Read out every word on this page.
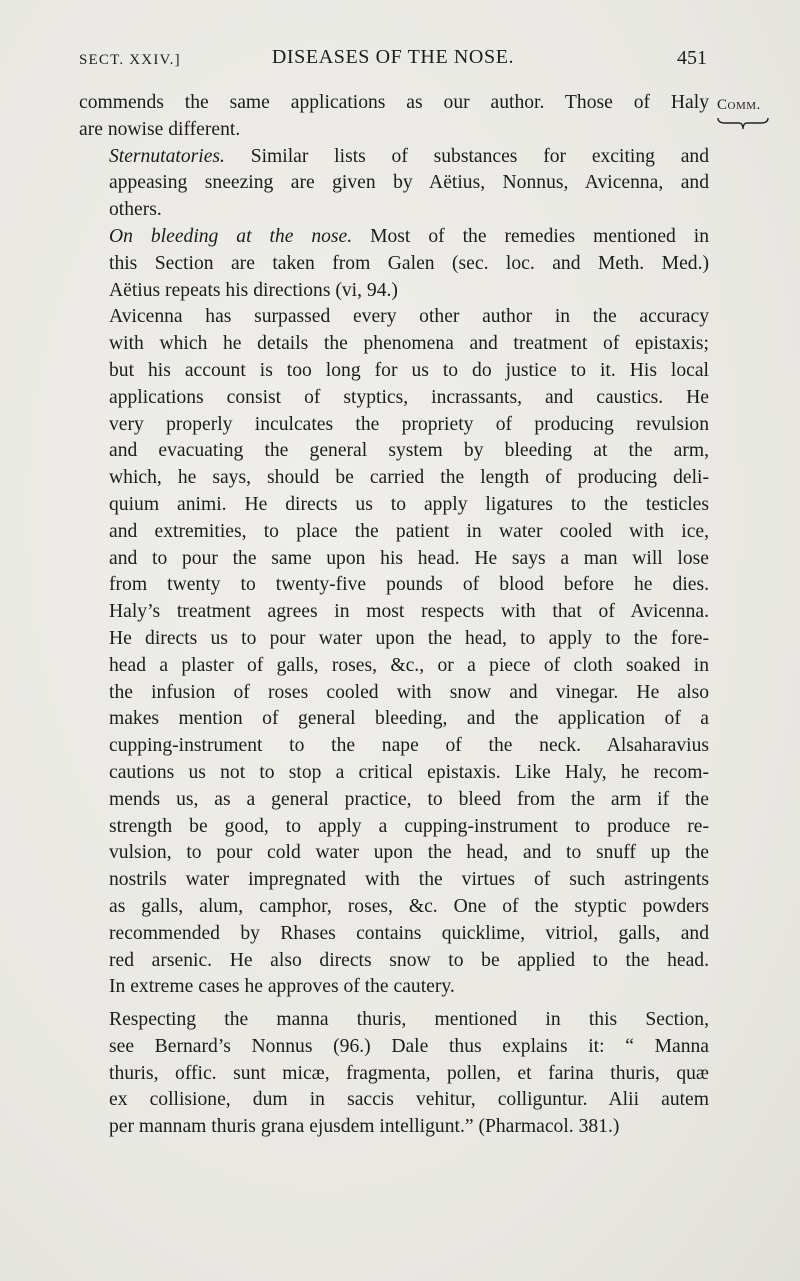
SECT. XXIV.]	DISEASES OF THE NOSE.	451
Comm.

commends the same applications as our author. Those of Haly
are nowise different.

Sternutatories. Similar lists of substances for exciting and
appeasing sneezing are given by Aëtius, Nonnus, Avicenna, and
others.

On bleeding at the nose. Most of the remedies mentioned in
this Section are taken from Galen (sec. loc. and Meth. Med.)
Aëtius repeats his directions (vi, 94.)

Avicenna has surpassed every other author in the accuracy
with which he details the phenomena and treatment of epistaxis;
but his account is too long for us to do justice to it. His local
applications consist of styptics, incrassants, and caustics. He
very properly inculcates the propriety of producing revulsion
and evacuating the general system by bleeding at the arm,
which, he says, should be carried the length of producing deli-
quium animi. He directs us to apply ligatures to the testicles
and extremities, to place the patient in water cooled with ice,
and to pour the same upon his head. He says a man will lose
from twenty to twenty-five pounds of blood before he dies.
Haly’s treatment agrees in most respects with that of Avicenna.
He directs us to pour water upon the head, to apply to the fore-
head a plaster of galls, roses, &c., or a piece of cloth soaked in
the infusion of roses cooled with snow and vinegar. He also
makes mention of general bleeding, and the application of a
cupping-instrument to the nape of the neck. Alsaharavius
cautions us not to stop a critical epistaxis. Like Haly, he recom-
mends us, as a general practice, to bleed from the arm if the
strength be good, to apply a cupping-instrument to produce re-
vulsion, to pour cold water upon the head, and to snuff up the
nostrils water impregnated with the virtues of such astringents
as galls, alum, camphor, roses, &c. One of the styptic powders
recommended by Rhases contains quicklime, vitriol, galls, and
red arsenic. He also directs snow to be applied to the head.
In extreme cases he approves of the cautery.

Respecting the manna thuris, mentioned in this Section,
see Bernard’s Nonnus (96.) Dale thus explains it: “ Manna
thuris, offic. sunt micæ, fragmenta, pollen, et farina thuris, quæ
ex collisione, dum in saccis vehitur, colliguntur. Alii autem
per mannam thuris grana ejusdem intelligunt.” (Pharmacol. 381.)
